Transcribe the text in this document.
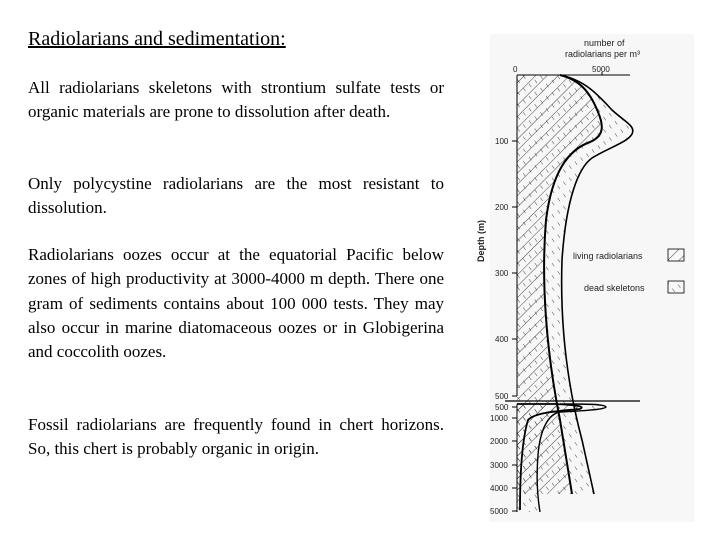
Radiolarians and sedimentation:
All radiolarians skeletons with strontium sulfate tests or organic materials are prone to dissolution after death.
Only polycystine radiolarians are the most resistant to dissolution.
Radiolarians oozes occur at the equatorial Pacific below zones of high productivity at 3000-4000 m depth. There one gram of sediments contains about 100 000 tests. They may also occur in marine diatomaceous oozes or in Globigerina and coccolith oozes.
Fossil radiolarians are frequently found in chert horizons. So, this chert is probably organic in origin.
number of
radiolarians per m³
0	5000
100
200
300
400
500
500
1000
2000
3000
4000
5000
Depth (m)	living radiolarians
dead skeletons
